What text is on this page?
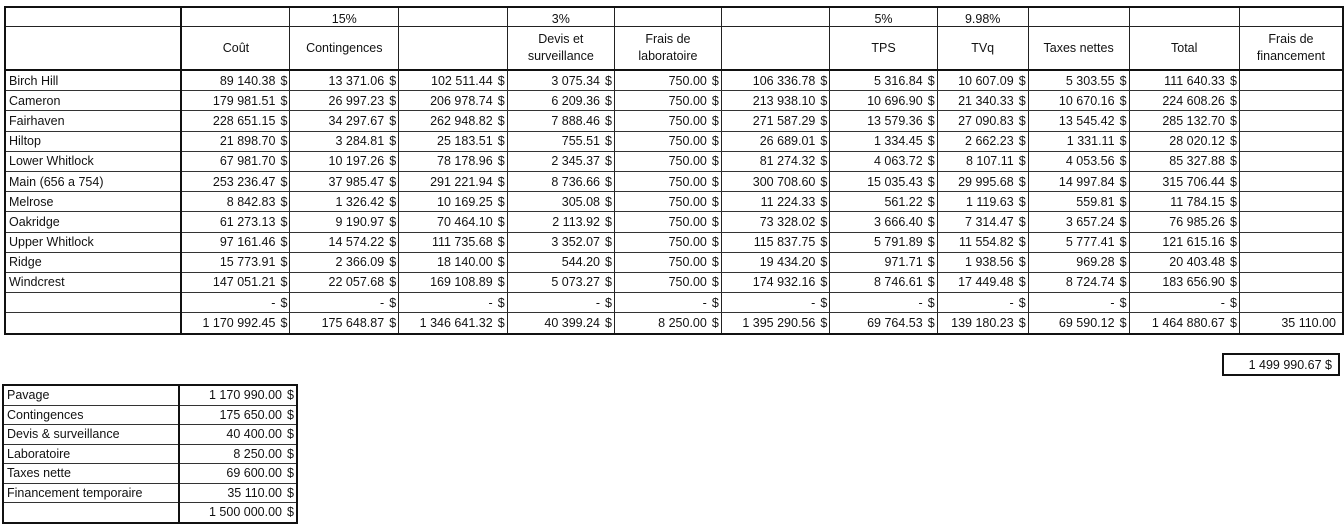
		15%		3%			5%	9.98%			
	Coût	Contingences		Devis et surveillance	Frais de laboratoire		TPS	TVq	Taxes nettes	Total	Frais de financement
Birch Hill	89 140.38 $	13 371.06 $	102 511.44 $	3 075.34 $	750.00 $	106 336.78 $	5 316.84 $	10 607.09 $	5 303.55 $	111 640.33 $	
Cameron	179 981.51 $	26 997.23 $	206 978.74 $	6 209.36 $	750.00 $	213 938.10 $	10 696.90 $	21 340.33 $	10 670.16 $	224 608.26 $	
Fairhaven	228 651.15 $	34 297.67 $	262 948.82 $	7 888.46 $	750.00 $	271 587.29 $	13 579.36 $	27 090.83 $	13 545.42 $	285 132.70 $	
Hiltop	21 898.70 $	3 284.81 $	25 183.51 $	755.51 $	750.00 $	26 689.01 $	1 334.45 $	2 662.23 $	1 331.11 $	28 020.12 $	
Lower Whitlock	67 981.70 $	10 197.26 $	78 178.96 $	2 345.37 $	750.00 $	81 274.32 $	4 063.72 $	8 107.11 $	4 053.56 $	85 327.88 $	
Main (656 a 754)	253 236.47 $	37 985.47 $	291 221.94 $	8 736.66 $	750.00 $	300 708.60 $	15 035.43 $	29 995.68 $	14 997.84 $	315 706.44 $	
Melrose	8 842.83 $	1 326.42 $	10 169.25 $	305.08 $	750.00 $	11 224.33 $	561.22 $	1 119.63 $	559.81 $	11 784.15 $	
Oakridge	61 273.13 $	9 190.97 $	70 464.10 $	2 113.92 $	750.00 $	73 328.02 $	3 666.40 $	7 314.47 $	3 657.24 $	76 985.26 $	
Upper Whitlock	97 161.46 $	14 574.22 $	111 735.68 $	3 352.07 $	750.00 $	115 837.75 $	5 791.89 $	11 554.82 $	5 777.41 $	121 615.16 $	
Ridge	15 773.91 $	2 366.09 $	18 140.00 $	544.20 $	750.00 $	19 434.20 $	971.71 $	1 938.56 $	969.28 $	20 403.48 $	
Windcrest	147 051.21 $	22 057.68 $	169 108.89 $	5 073.27 $	750.00 $	174 932.16 $	8 746.61 $	17 449.48 $	8 724.74 $	183 656.90 $	
	- $	- $	- $	- $	- $	- $	- $	- $	- $	- $	
	1 170 992.45 $	175 648.87 $	1 346 641.32 $	40 399.24 $	8 250.00 $	1 395 290.56 $	69 764.53 $	139 180.23 $	69 590.12 $	1 464 880.67 $	35 110.00
1 499 990.67 $
Pavage	1 170 990.00 $
Contingences	175 650.00 $
Devis & surveillance	40 400.00 $
Laboratoire	8 250.00 $
Taxes nette	69 600.00 $
Financement temporaire	35 110.00 $
	1 500 000.00 $
